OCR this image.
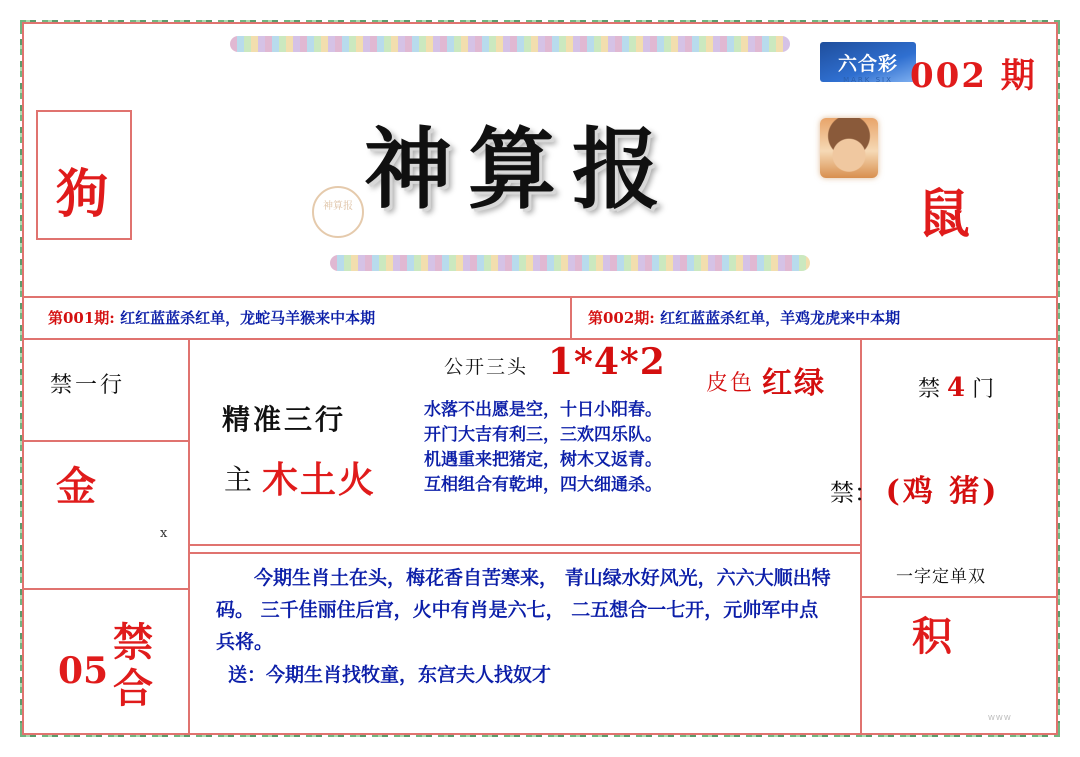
六合彩
MARK SIX 002 期
神算报
神算报
狗	鼠
第001期: 红红蓝蓝杀红单，龙蛇马羊猴来中本期	第002期: 红红蓝蓝杀红单，羊鸡龙虎来中本期
禁一行
金
精准三行
主 木土火
公开三头 1*4*2
皮色 红绿
水落不出愿是空，十日小阳春。
开门大吉有利三，三欢四乐队。
机遇重来把猪定，树木又返青。
互相组合有乾坤，四大细通杀。
禁 4 门
禁： (鸡 猪)
x
05
禁合
今期生肖土在头，梅花香自苦寒来， 青山绿水好风光，六六大顺出特码。 三千佳丽住后宫，火中有肖是六七， 二五想合一七开，元帅军中点兵将。
送：今期生肖找牧童，东宫夫人找奴才
一字定单双
积
WWW
